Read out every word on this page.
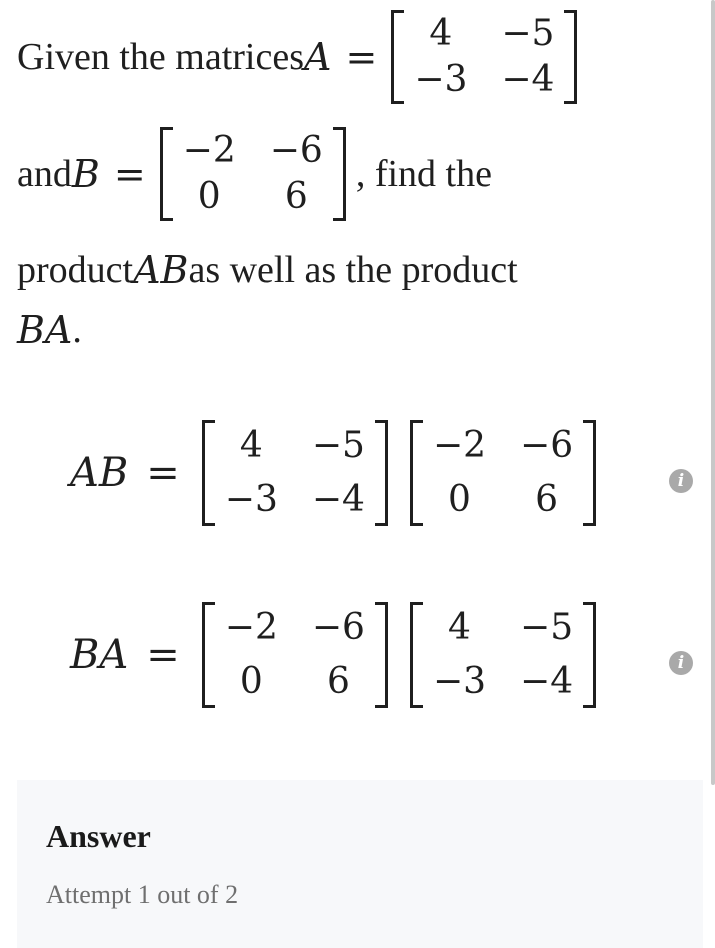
Given the matrices A =
4	−5
−3 −4
and B =
−2 −6
0	6
, find the
product AB as well as the product
BA .
AB =
4	−5
−3 −4
−2 −6
0	6	i
BA =
−2 −6
0	6
4	−5
−3 −4	i
Answer
Attempt 1 out of 2
